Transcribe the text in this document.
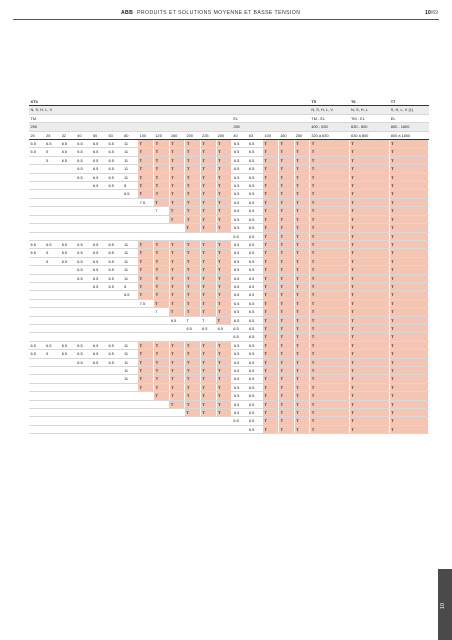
ABB PRODUITS ET SOLUTIONS MOYENNE ET BASSE TENSION	10/69
XT4																		T5	T6	T7
N, S, H, L, V																		N, S, H, L, V	N, S, H, L	S, H, L, V (1)
TM													EL					TM - EL	TM - EL	EL
250													250					400 - 630	630 - 800	800 - 1600
20	25	32	40	50	63	80	100	125	160	200	225	250	40	63	100	160	250	320 à 630	630 à 800	800 à 1600
6.5	6.5	6.5	6.5	6.5	6.5	11	T	T	T	T	T	T	6.5	6.5	T	T	T	T	T	T
6.5	5	6.5	6.5	6.5	6.5	11	T	T	T	T	T	T	6.5	6.5	T	T	T	T	T	T
	5	6.5	6.5	6.5	6.5	11	T	T	T	T	T	T	6.5	6.5	T	T	T	T	T	T
			6.5	6.5	6.5	11	T	T	T	T	T	T	6.5	6.5	T	T	T	T	T	T
			6.5	6.5	6.5	11	T	T	T	T	T	T	6.5	6.5	T	T	T	T	T	T
				6.5	6.5	8	T	T	T	T	T	T	6.5	6.5	T	T	T	T	T	T
						6.5	T	T	T	T	T	T	6.5	6.5	T	T	T	T	T	T
							7.5	T	T	T	T	T	6.5	6.5	T	T	T	T	T	T
								7	T	T	T	T	6.5	6.5	T	T	T	T	T	T
									T	T	T	T	6.5	6.5	T	T	T	T	T	T
										T	T	T	6.5	6.5	T	T	T	T	T	T
													6.5	6.5	T	T	T	T	T	T
6.5	6.5	6.5	6.5	6.5	6.5	11	T	T	T	T	T	T	6.5	6.5	T	T	T	T	T	T
6.5	5	6.5	6.5	6.5	6.5	11	T	T	T	T	T	T	6.5	6.5	T	T	T	T	T	T
	5	6.5	6.5	6.5	6.5	11	T	T	T	T	T	T	6.5	6.5	T	T	T	T	T	T
			6.5	6.5	6.5	11	T	T	T	T	T	T	6.5	6.5	T	T	T	T	T	T
			6.5	6.5	6.5	11	T	T	T	T	T	T	6.5	6.5	T	T	T	T	T	T
				6.5	6.5	8	T	T	T	T	T	T	6.5	6.5	T	T	T	T	T	T
						6.5	T	T	T	T	T	T	6.5	6.5	T	T	T	T	T	T
							7.5	T	T	T	T	T	6.5	6.5	T	T	T	T	T	T
								7	T	T	T	T	6.5	6.5	T	T	T	T	T	T
									6.5	T	T	T	6.5	6.5	T	T	T	T	T	T
										6.5	6.5	6.5	6.5	6.5	T	T	T	T	T	T
													6.5	6.5	T	T	T	T	T	T
6.5	6.5	6.5	6.5	6.5	6.5	11	T	T	T	T	T	T	6.5	6.5	T	T	T	T	T	T
6.5	5	6.5	6.5	6.5	6.5	11	T	T	T	T	T	T	6.5	6.5	T	T	T	T	T	T
			6.5	6.5	6.5	11	T	T	T	T	T	T	6.5	6.5	T	T	T	T	T	T
						11	T	T	T	T	T	T	6.5	6.5	T	T	T	T	T	T
						11	T	T	T	T	T	T	6.5	6.5	T	T	T	T	T	T
							T	T	T	T	T	T	6.5	6.5	T	T	T	T	T	T
								T	T	T	T	T	6.5	6.5	T	T	T	T	T	T
									T	T	T	T	6.5	6.5	T	T	T	T	T	T
										T	T	T	6.5	6.5	T	T	T	T	T	T
													6.5	6.5	T	T	T	T	T	T
														6.5	T	T	T	T	T	T
10
